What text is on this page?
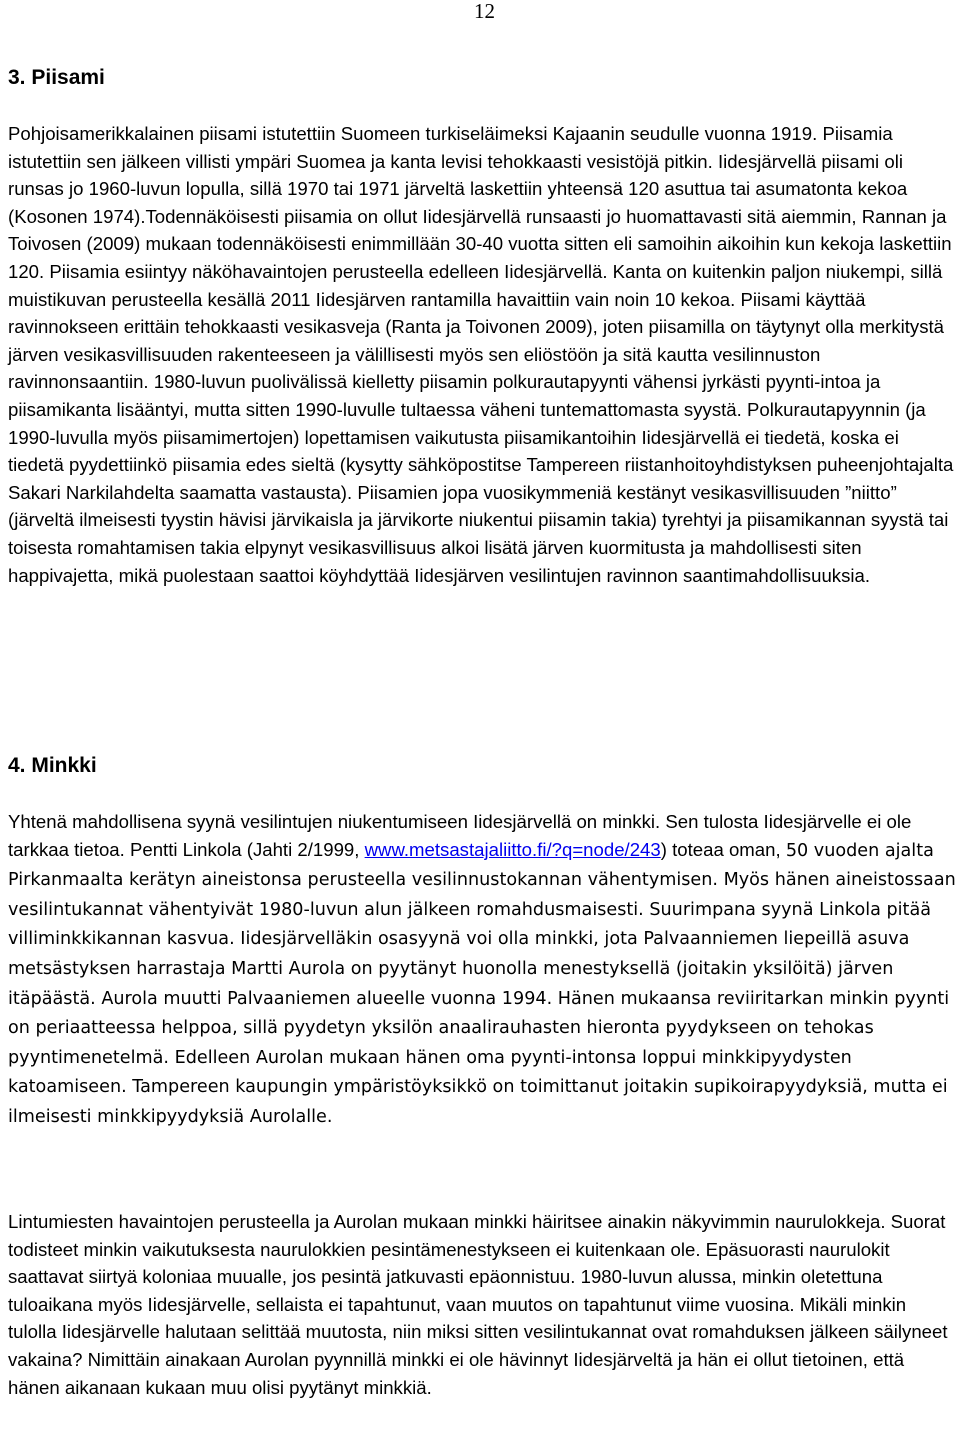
12
3. Piisami

Pohjoisamerikkalainen piisami istutettiin Suomeen turkiseläimeksi Kajaanin seudulle vuonna 1919. Piisamia istutettiin sen jälkeen villisti ympäri Suomea ja kanta levisi tehokkaasti vesistöjä pitkin. Iidesjärvellä piisami oli runsas jo 1960-luvun lopulla, sillä 1970 tai 1971 järveltä laskettiin yhteensä 120 asuttua tai asumatonta kekoa (Kosonen 1974).Todennäköisesti piisamia on ollut Iidesjärvellä runsaasti jo huomattavasti sitä aiemmin, Rannan ja Toivosen (2009) mukaan todennäköisesti enimmillään 30-40 vuotta sitten eli samoihin aikoihin kun kekoja laskettiin 120. Piisamia esiintyy näköhavaintojen perusteella edelleen Iidesjärvellä. Kanta on kuitenkin paljon niukempi, sillä muistikuvan perusteella kesällä 2011 Iidesjärven rantamilla havaittiin vain noin 10 kekoa. Piisami käyttää ravinnokseen erittäin tehokkaasti vesikasveja (Ranta ja Toivonen 2009), joten piisamilla on täytynyt olla merkitystä järven vesikasvillisuuden rakenteeseen ja välillisesti myös sen eliöstöön ja sitä kautta vesilinnuston ravinnonsaantiin. 1980-luvun puolivälissä kielletty piisamin polkurautapyynti vähensi jyrkästi pyynti-intoa ja piisamikanta lisääntyi, mutta sitten 1990-luvulle tultaessa väheni tuntemattomasta syystä. Polkurautapyynnin (ja 1990-luvulla myös piisamimertojen) lopettamisen vaikutusta piisamikantoihin Iidesjärvellä ei tiedetä, koska ei tiedetä pyydettiinkö piisamia edes sieltä (kysytty sähköpostitse Tampereen riistanhoitoyhdistyksen puheenjohtajalta Sakari Narkilahdelta saamatta vastausta). Piisamien jopa vuosikymmeniä kestänyt vesikasvillisuuden ”niitto” (järveltä ilmeisesti tyystin hävisi järvikaisla ja järvikorte niukentui piisamin takia) tyrehtyi ja piisamikannan syystä tai toisesta romahtamisen takia elpynyt vesikasvillisuus alkoi lisätä järven kuormitusta ja mahdollisesti siten happivajetta, mikä puolestaan saattoi köyhdyttää Iidesjärven vesilintujen ravinnon saantimahdollisuuksia.

4. Minkki

Yhtenä mahdollisena syynä vesilintujen niukentumiseen Iidesjärvellä on minkki. Sen tulosta Iidesjärvelle ei ole tarkkaa tietoa. Pentti Linkola (Jahti 2/1999, www.metsastajaliitto.fi/?q=node/243) toteaa oman, 50 vuoden ajalta Pirkanmaalta kerätyn aineistonsa perusteella vesilinnustokannan vähentymisen. Myös hänen aineistossaan vesilintukannat vähentyivät 1980-luvun alun jälkeen romahdusmaisesti. Suurimpana syynä Linkola pitää villiminkkikannan kasvua. Iidesjärvelläkin osasyynä voi olla minkki, jota Palvaanniemen liepeillä asuva metsästyksen harrastaja Martti Aurola on pyytänyt huonolla menestyksellä (joitakin yksilöitä) järven itäpäästä. Aurola muutti Palvaaniemen alueelle vuonna 1994. Hänen mukaansa reviiritarkan minkin pyynti on periaatteessa helppoa, sillä pyydetyn yksilön anaalirauhasten hieronta pyydykseen on tehokas pyyntimenetelmä. Edelleen Aurolan mukaan hänen oma pyynti-intonsa loppui minkkipyydysten katoamiseen. Tampereen kaupungin ympäristöyksikkö on toimittanut joitakin supikoirapyydyksiä, mutta ei ilmeisesti minkkipyydyksiä Aurolalle.

Lintumiesten havaintojen perusteella ja Aurolan mukaan minkki häiritsee ainakin näkyvimmin naurulokkeja. Suorat todisteet minkin vaikutuksesta naurulokkien pesintämenestykseen ei kuitenkaan ole. Epäsuorasti naurulokit saattavat siirtyä koloniaa muualle, jos pesintä jatkuvasti epäonnistuu. 1980-luvun alussa, minkin oletettuna tuloaikana myös Iidesjärvelle, sellaista ei tapahtunut, vaan muutos on tapahtunut viime vuosina. Mikäli minkin tulolla Iidesjärvelle halutaan selittää muutosta, niin miksi sitten vesilintukannat ovat romahduksen jälkeen säilyneet vakaina? Nimittäin ainakaan Aurolan pyynnillä minkki ei ole hävinnyt Iidesjärveltä ja hän ei ollut tietoinen, että hänen aikanaan kukaan muu olisi pyytänyt minkkiä.
